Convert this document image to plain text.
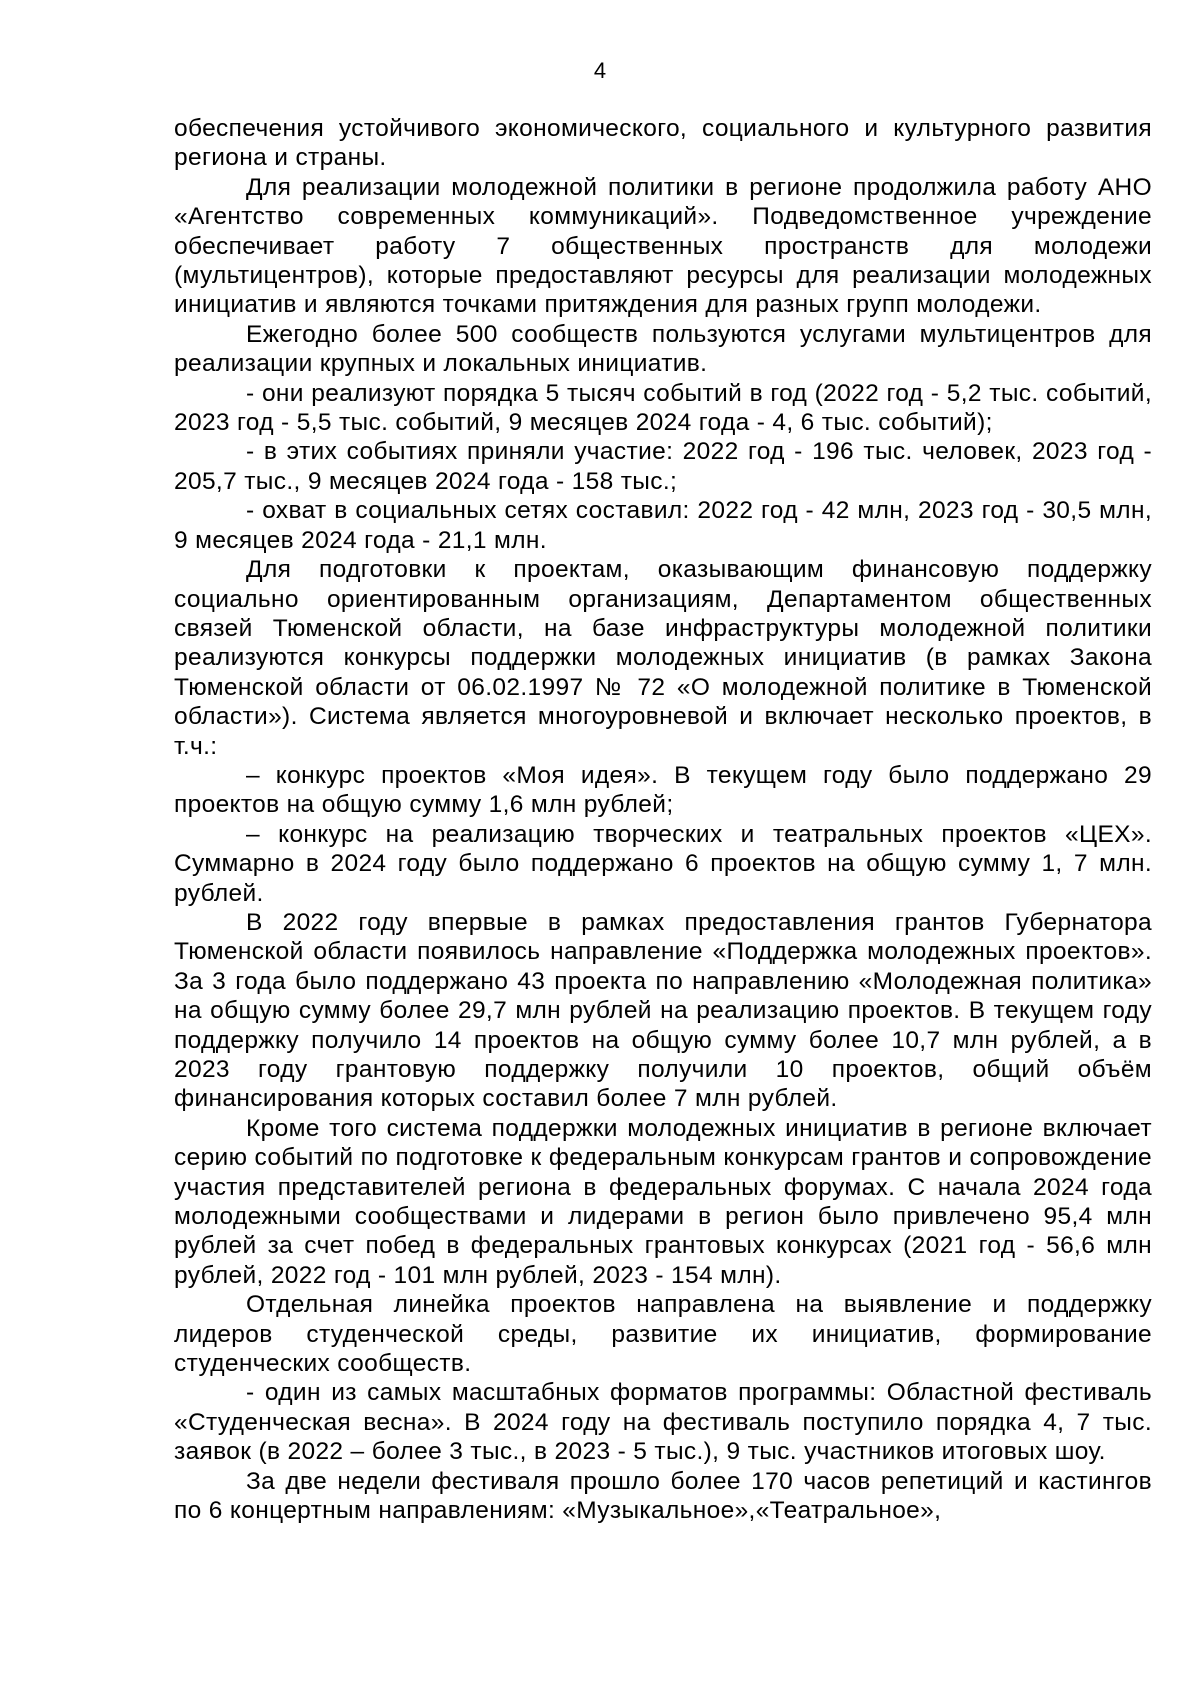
4

обеспечения устойчивого экономического, социального и культурного развития региона и страны.

Для реализации молодежной политики в регионе продолжила работу АНО «Агентство современных коммуникаций». Подведомственное учреждение обеспечивает работу 7 общественных пространств для молодежи (мультицентров), которые предоставляют ресурсы для реализации молодежных инициатив и являются точками притяждения для разных групп молодежи.

Ежегодно более 500 сообществ пользуются услугами мультицентров для реализации крупных и локальных инициатив.

- они реализуют порядка 5 тысяч событий в год (2022 год - 5,2 тыс. событий, 2023 год - 5,5 тыс. событий, 9 месяцев 2024 года - 4, 6 тыс. событий);

- в этих событиях приняли участие: 2022 год - 196 тыс. человек, 2023 год - 205,7 тыс., 9 месяцев 2024 года - 158 тыс.;

- охват в социальных сетях составил: 2022 год - 42 млн, 2023 год - 30,5 млн, 9 месяцев 2024 года - 21,1 млн.

Для подготовки к проектам, оказывающим финансовую поддержку социально ориентированным организациям, Департаментом общественных связей Тюменской области, на базе инфраструктуры молодежной политики реализуются конкурсы поддержки молодежных инициатив (в рамках Закона Тюменской области от 06.02.1997 № 72 «О молодежной политике в Тюменской области»). Система является многоуровневой и включает несколько проектов, в т.ч.:

– конкурс проектов «Моя идея». В текущем году было поддержано 29 проектов на общую сумму 1,6 млн рублей;

– конкурс на реализацию творческих и театральных проектов «ЦЕХ». Суммарно в 2024 году было поддержано 6 проектов на общую сумму 1, 7 млн. рублей.

В 2022 году впервые в рамках предоставления грантов Губернатора Тюменской области появилось направление «Поддержка молодежных проектов». За 3 года было поддержано 43 проекта по направлению «Молодежная политика» на общую сумму более 29,7 млн рублей на реализацию проектов. В текущем году поддержку получило 14 проектов на общую сумму более 10,7 млн рублей, а в 2023 году грантовую поддержку получили 10 проектов, общий объём финансирования которых составил более 7 млн рублей.

Кроме того система поддержки молодежных инициатив в регионе включает серию событий по подготовке к федеральным конкурсам грантов и сопровождение участия представителей региона в федеральных форумах. С начала 2024 года молодежными сообществами и лидерами в регион было привлечено 95,4 млн рублей за счет побед в федеральных грантовых конкурсах (2021 год - 56,6 млн рублей, 2022 год - 101 млн рублей, 2023 - 154 млн).

Отдельная линейка проектов направлена на выявление и поддержку лидеров студенческой среды, развитие их инициатив, формирование студенческих сообществ.

- один из самых масштабных форматов программы: Областной фестиваль «Студенческая весна». В 2024 году на фестиваль поступило порядка 4, 7 тыс. заявок (в 2022 – более 3 тыс., в 2023 - 5 тыс.), 9 тыс. участников итоговых шоу.

За две недели фестиваля прошло более 170 часов репетиций и кастингов по 6 концертным направлениям: «Музыкальное»,«Театральное»,
